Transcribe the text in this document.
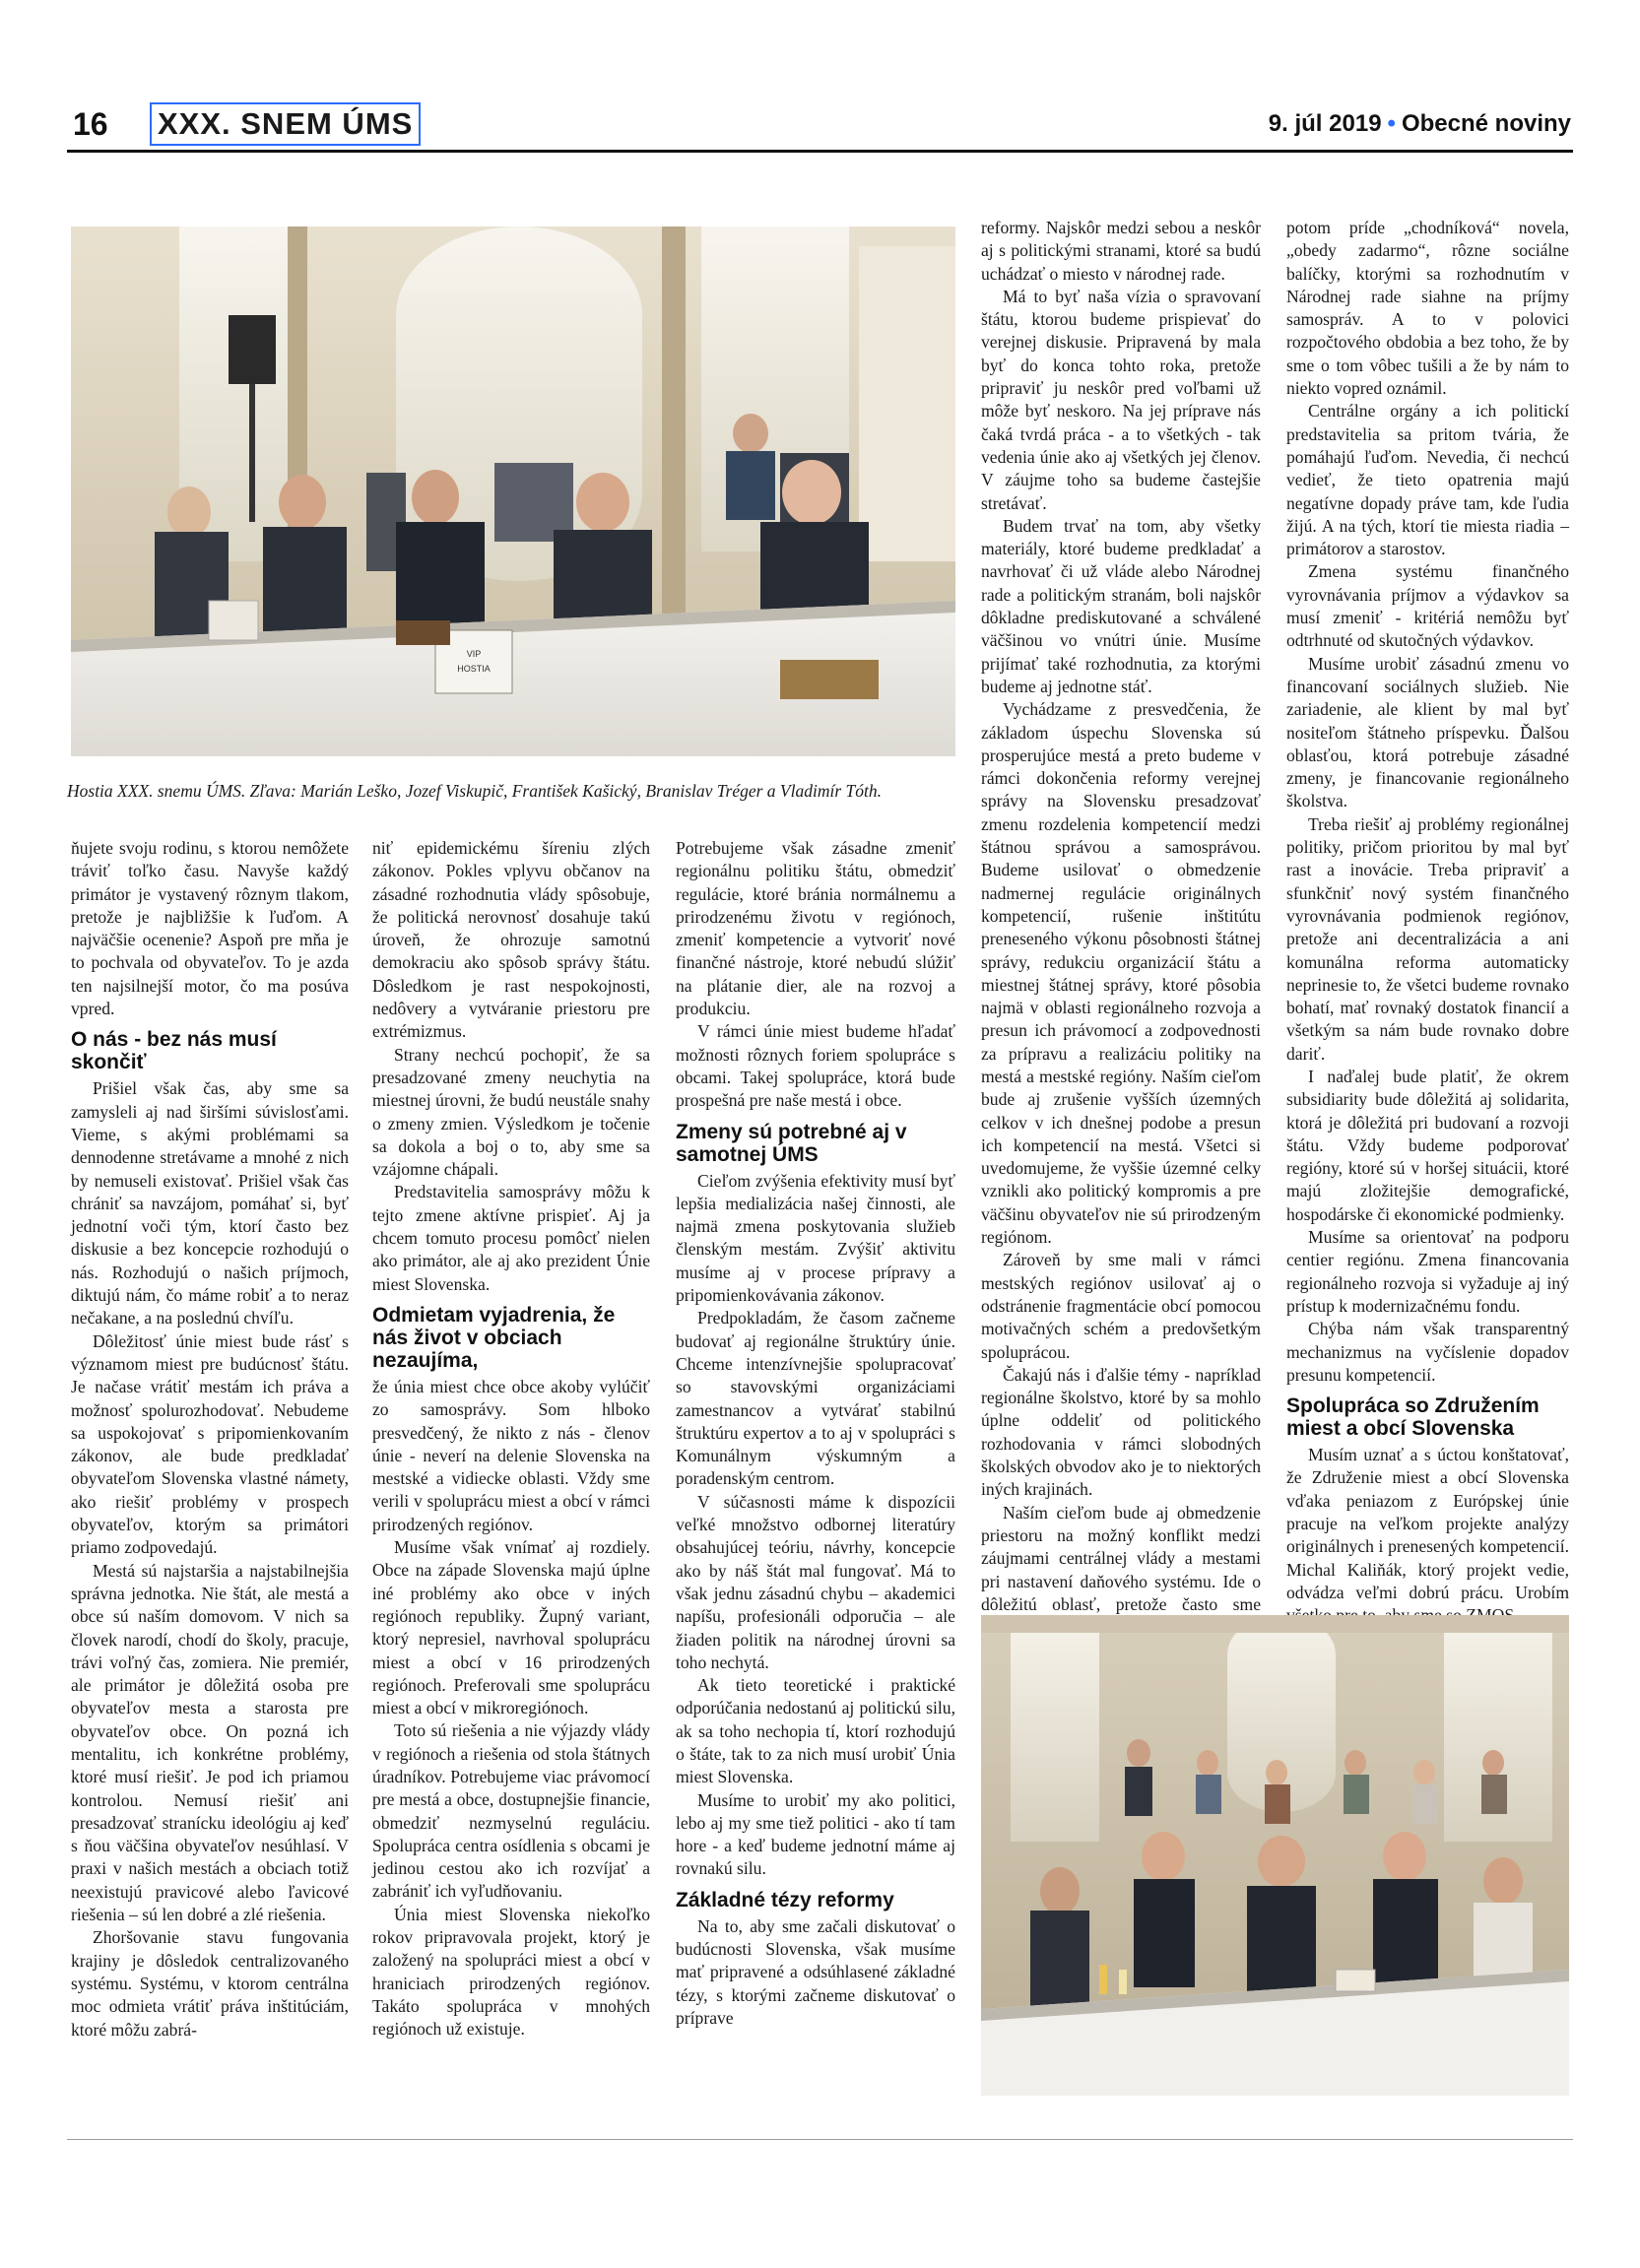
16 XXX. SNEM ÚMS	9. júl 2019 • Obecné noviny
VIP
HOSTIA
Hostia XXX. snemu ÚMS. Zľava: Marián Leško, Jozef Viskupič, František Kašický, Branislav Tréger a Vladimír Tóth.

ňujete svoju rodinu, s ktorou nemôžete tráviť toľko času. Navyše každý primátor je vystavený rôznym tlakom, pretože je najbližšie k ľuďom. A najväčšie ocenenie? Aspoň pre mňa je to pochvala od obyvateľov. To je azda ten najsilnejší motor, čo ma posúva vpred.

O nás - bez nás musí skončiť

Prišiel však čas, aby sme sa zamysleli aj nad širšími súvislosťami. Vieme, s akými problémami sa dennodenne stretávame a mnohé z nich by nemuseli existovať. Prišiel však čas chrániť sa navzájom, pomáhať si, byť jednotní voči tým, ktorí často bez diskusie a bez koncepcie rozhodujú o nás. Rozhodujú o našich príjmoch, diktujú nám, čo máme robiť a to neraz nečakane, a na poslednú chvíľu.

Dôležitosť únie miest bude rásť s významom miest pre budúcnosť štátu. Je načase vrátiť mestám ich práva a možnosť spolurozhodovať. Nebudeme sa uspokojovať s pripomienkovaním zákonov, ale bude predkladať obyvateľom Slovenska vlastné námety, ako riešiť problémy v prospech obyvateľov, ktorým sa primátori priamo zodpovedajú.

Mestá sú najstaršia a najstabilnejšia správna jednotka. Nie štát, ale mestá a obce sú naším domovom. V nich sa človek narodí, chodí do školy, pracuje, trávi voľný čas, zomiera. Nie premiér, ale primátor je dôležitá osoba pre obyvateľov mesta a starosta pre obyvateľov obce. On pozná ich mentalitu, ich konkrétne problémy, ktoré musí riešiť. Je pod ich priamou kontrolou. Nemusí riešiť ani presadzovať stranícku ideológiu aj keď s ňou väčšina obyvateľov nesúhlasí. V praxi v našich mestách a obciach totiž neexistujú pravicové alebo ľavicové riešenia – sú len dobré a zlé riešenia.

Zhoršovanie stavu fungovania krajiny je dôsledok centralizovaného systému. Systému, v ktorom centrálna moc odmieta vrátiť práva inštitúciám, ktoré môžu zabrá-

niť epidemickému šíreniu zlých zákonov. Pokles vplyvu občanov na zásadné rozhodnutia vlády spôsobuje, že politická nerovnosť dosahuje takú úroveň, že ohrozuje samotnú demokraciu ako spôsob správy štátu. Dôsledkom je rast nespokojnosti, nedôvery a vytváranie priestoru pre extrémizmus.

Strany nechcú pochopiť, že sa presadzované zmeny neuchytia na miestnej úrovni, že budú neustále snahy o zmeny zmien. Výsledkom je točenie sa dokola a boj o to, aby sme sa vzájomne chápali.

Predstavitelia samosprávy môžu k tejto zmene aktívne prispieť. Aj ja chcem tomuto procesu pomôcť nielen ako primátor, ale aj ako prezident Únie miest Slovenska.

Odmietam vyjadrenia, že nás život v obciach nezaujíma,

že únia miest chce obce akoby vylúčiť zo samosprávy. Som hlboko presvedčený, že nikto z nás - členov únie - neverí na delenie Slovenska na mestské a vidiecke oblasti. Vždy sme verili v spoluprácu miest a obcí v rámci prirodzených regiónov.

Musíme však vnímať aj rozdiely. Obce na západe Slovenska majú úplne iné problémy ako obce v iných regiónoch republiky. Župný variant, ktorý nepresiel, navrhoval spoluprácu miest a obcí v 16 prirodzených regiónoch. Preferovali sme spoluprácu miest a obcí v mikroregiónoch.

Toto sú riešenia a nie výjazdy vlády v regiónoch a riešenia od stola štátnych úradníkov. Potrebujeme viac právomocí pre mestá a obce, dostupnejšie financie, obmedziť nezmyselnú reguláciu. Spolupráca centra osídlenia s obcami je jedinou cestou ako ich rozvíjať a zabrániť ich vyľudňovaniu.

Únia miest Slovenska niekoľko rokov pripravovala projekt, ktorý je založený na spolupráci miest a obcí v hraniciach prirodzených regiónov. Takáto spolupráca v mnohých regiónoch už existuje.

Potrebujeme však zásadne zmeniť regionálnu politiku štátu, obmedziť regulácie, ktoré bránia normálnemu a prirodzenému životu v regiónoch, zmeniť kompetencie a vytvoriť nové finančné nástroje, ktoré nebudú slúžiť na plátanie dier, ale na rozvoj a produkciu.

V rámci únie miest budeme hľadať možnosti rôznych foriem spolupráce s obcami. Takej spolupráce, ktorá bude prospešná pre naše mestá i obce.

Zmeny sú potrebné aj v samotnej ÚMS

Cieľom zvýšenia efektivity musí byť lepšia medializácia našej činnosti, ale najmä zmena poskytovania služieb členským mestám. Zvýšiť aktivitu musíme aj v procese prípravy a pripomienkovávania zákonov.

Predpokladám, že časom začneme budovať aj regionálne štruktúry únie. Chceme intenzívnejšie spolupracovať so stavovskými organizáciami zamestnancov a vytvárať stabilnú štruktúru expertov a to aj v spolupráci s Komunálnym výskumným a poradenským centrom.

V súčasnosti máme k dispozícii veľké množstvo odbornej literatúry obsahujúcej teóriu, návrhy, koncepcie ako by náš štát mal fungovať. Má to však jednu zásadnú chybu – akademici napíšu, profesionáli odporučia – ale žiaden politik na národnej úrovni sa toho nechytá.

Ak tieto teoretické i praktické odporúčania nedostanú aj politickú silu, ak sa toho nechopia tí, ktorí rozhodujú o štáte, tak to za nich musí urobiť Únia miest Slovenska.

Musíme to urobiť my ako politici, lebo aj my sme tiež politici - ako tí tam hore - a keď budeme jednotní máme aj rovnakú silu.

Základné tézy reformy

Na to, aby sme začali diskutovať o budúcnosti Slovenska, však musíme mať pripravené a odsúhlasené základné tézy, s ktorými začneme diskutovať o príprave

reformy. Najskôr medzi sebou a neskôr aj s politickými stranami, ktoré sa budú uchádzať o miesto v národnej rade.

Má to byť naša vízia o spravovaní štátu, ktorou budeme prispievať do verejnej diskusie. Pripravená by mala byť do konca tohto roka, pretože pripraviť ju neskôr pred voľbami už môže byť neskoro. Na jej príprave nás čaká tvrdá práca - a to všetkých - tak vedenia únie ako aj všetkých jej členov. V záujme toho sa budeme častejšie stretávať.

Budem trvať na tom, aby všetky materiály, ktoré budeme predkladať a navrhovať či už vláde alebo Národnej rade a politickým stranám, boli najskôr dôkladne prediskutované a schválené väčšinou vo vnútri únie. Musíme prijímať také rozhodnutia, za ktorými budeme aj jednotne stáť.

Vychádzame z presvedčenia, že základom úspechu Slovenska sú prosperujúce mestá a preto budeme v rámci dokončenia reformy verejnej správy na Slovensku presadzovať zmenu rozdelenia kompetencií medzi štátnou správou a samosprávou. Budeme usilovať o obmedzenie nadmernej regulácie originálnych kompetencií, rušenie inštitútu preneseného výkonu pôsobnosti štátnej správy, redukciu organizácií štátu a miestnej štátnej správy, ktoré pôsobia najmä v oblasti regionálneho rozvoja a presun ich právomocí a zodpovednosti za prípravu a realizáciu politiky na mestá a mestské regióny. Naším cieľom bude aj zrušenie vyšších územných celkov v ich dnešnej podobe a presun ich kompetencií na mestá. Všetci si uvedomujeme, že vyššie územné celky vznikli ako politický kompromis a pre väčšinu obyvateľov nie sú prirodzeným regiónom.

Zároveň by sme mali v rámci mestských regiónov usilovať aj o odstránenie fragmentácie obcí pomocou motivačných schém a predovšetkým spoluprácou.

Čakajú nás i ďalšie témy - napríklad regionálne školstvo, ktoré by sa mohlo úplne oddeliť od politického rozhodovania v rámci slobodných školských obvodov ako je to niektorých iných krajinách.

Naším cieľom bude aj obmedzenie priestoru na možný konflikt medzi záujmami centrálnej vlády a mestami pri nastavení daňového systému. Ide o dôležitú oblasť, pretože často sme

potom príde „chodníková“ novela, „obedy zadarmo“, rôzne sociálne balíčky, ktorými sa rozhodnutím v Národnej rade siahne na príjmy samospráv. A to v polovici rozpočtového obdobia a bez toho, že by sme o tom vôbec tušili a že by nám to niekto vopred oznámil.

Centrálne orgány a ich politickí predstavitelia sa pritom tvária, že pomáhajú ľuďom. Nevedia, či nechcú vedieť, že tieto opatrenia majú negatívne dopady práve tam, kde ľudia žijú. A na tých, ktorí tie miesta riadia – primátorov a starostov.

Zmena systému finančného vyrovnávania príjmov a výdavkov sa musí zmeniť - kritériá nemôžu byť odtrhnuté od skutočných výdavkov.

Musíme urobiť zásadnú zmenu vo financovaní sociálnych služieb. Nie zariadenie, ale klient by mal byť nositeľom štátneho príspevku. Ďalšou oblasťou, ktorá potrebuje zásadné zmeny, je financovanie regionálneho školstva.

Treba riešiť aj problémy regionálnej politiky, pričom prioritou by mal byť rast a inovácie. Treba pripraviť a sfunkčniť nový systém finančného vyrovnávania podmienok regiónov, pretože ani decentralizácia a ani komunálna reforma automaticky neprinesie to, že všetci budeme rovnako bohatí, mať rovnaký dostatok financií a všetkým sa nám bude rovnako dobre dariť.

I naďalej bude platiť, že okrem subsidiarity bude dôležitá aj solidarita, ktorá je dôležitá pri budovaní a rozvoji štátu. Vždy budeme podporovať regióny, ktoré sú v horšej situácii, ktoré majú zložitejšie demografické, hospodárske či ekonomické podmienky.

Musíme sa orientovať na podporu centier regiónu. Zmena financovania regionálneho rozvoja si vyžaduje aj iný prístup k modernizačnému fondu.

Chýba nám však transparentný mechanizmus na vyčíslenie dopadov presunu kompetencií.

Spolupráca so Združením miest a obcí Slovenska

Musím uznať a s úctou konštatovať, že Združenie miest a obcí Slovenska vďaka peniazom z Európskej únie pracuje na veľkom projekte analýzy originálnych i prenesených kompetencií. Michal Kaliňák, ktorý projekt vedie, odvádza veľmi dobrú prácu. Urobím
